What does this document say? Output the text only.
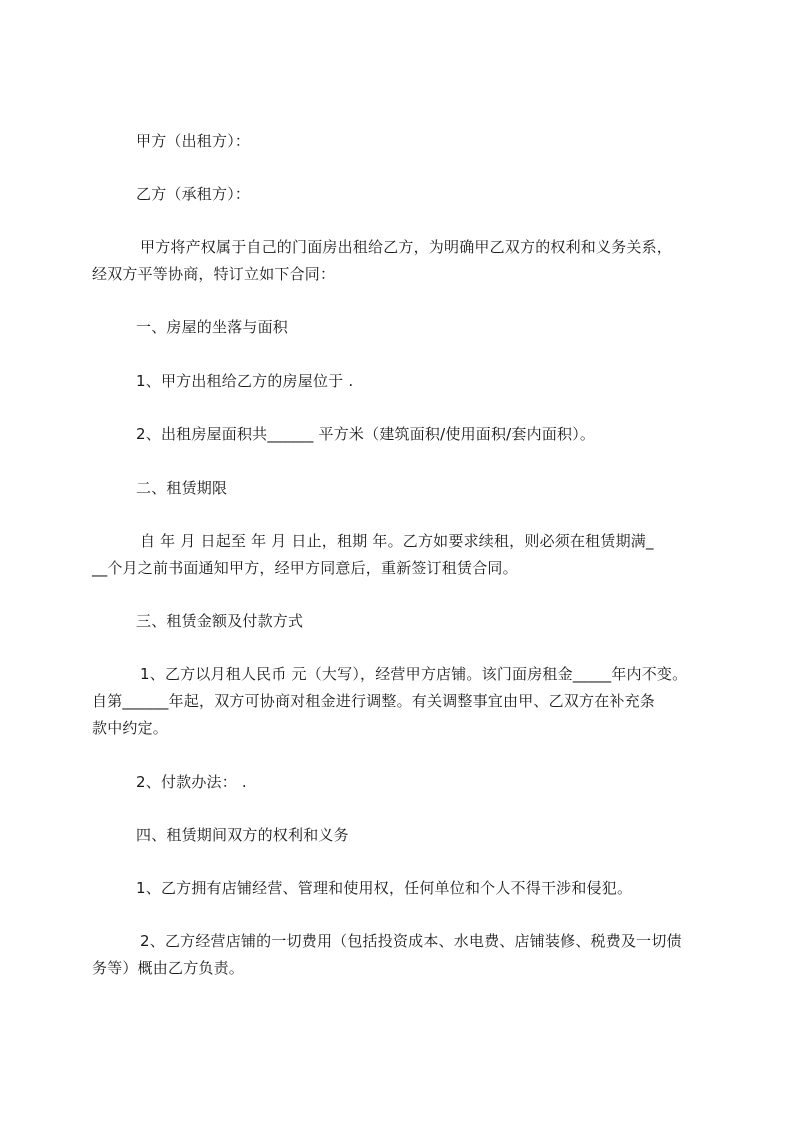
甲方（出租方）：

乙方（承租方）：

甲方将产权属于自己的门面房出租给乙方，为明确甲乙双方的权利和义务关系，

经双方平等协商，特订立如下合同：

一、房屋的坐落与面积

1、甲方出租给乙方的房屋位于 .

2、出租房屋面积共______ 平方米（建筑面积/使用面积/套内面积）。

二、租赁期限

自 年 月 日起至 年 月 日止，租期 年。乙方如要求续租，则必须在租赁期满_

__个月之前书面通知甲方，经甲方同意后，重新签订租赁合同。

三、租赁金额及付款方式

1、乙方以月租人民币 元（大写），经营甲方店铺。该门面房租金_____年内不变。

自第______年起，双方可协商对租金进行调整。有关调整事宜由甲、乙双方在补充条

款中约定。

2、付款办法： .

四、租赁期间双方的权利和义务

1、乙方拥有店铺经营、管理和使用权，任何单位和个人不得干涉和侵犯。

2、乙方经营店铺的一切费用（包括投资成本、水电费、店铺装修、税费及一切债

务等）概由乙方负责。
